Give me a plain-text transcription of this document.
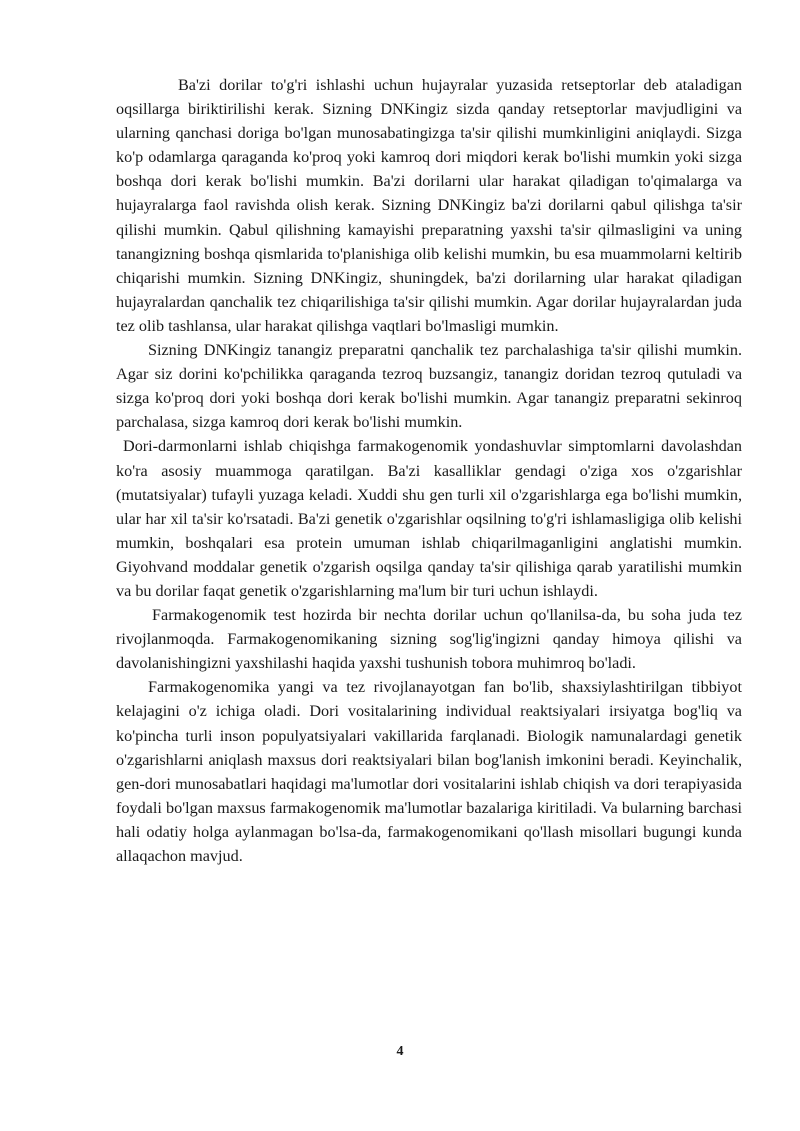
Ba'zi dorilar to'g'ri ishlashi uchun hujayralar yuzasida retseptorlar deb ataladigan oqsillarga biriktirilishi kerak. Sizning DNKingiz sizda qanday retseptorlar mavjudligini va ularning qanchasi doriga bo'lgan munosabatingizga ta'sir qilishi mumkinligini aniqlaydi. Sizga ko'p odamlarga qaraganda ko'proq yoki kamroq dori miqdori kerak bo'lishi mumkin yoki sizga boshqa dori kerak bo'lishi mumkin. Ba'zi dorilarni ular harakat qiladigan to'qimalarga va hujayralarga faol ravishda olish kerak. Sizning DNKingiz ba'zi dorilarni qabul qilishga ta'sir qilishi mumkin. Qabul qilishning kamayishi preparatning yaxshi ta'sir qilmasligini va uning tanangizning boshqa qismlarida to'planishiga olib kelishi mumkin, bu esa muammolarni keltirib chiqarishi mumkin. Sizning DNKingiz, shuningdek, ba'zi dorilarning ular harakat qiladigan hujayralardan qanchalik tez chiqarilishiga ta'sir qilishi mumkin. Agar dorilar hujayralardan juda tez olib tashlansa, ular harakat qilishga vaqtlari bo'lmasligi mumkin.

Sizning DNKingiz tanangiz preparatni qanchalik tez parchalashiga ta'sir qilishi mumkin. Agar siz dorini ko'pchilikka qaraganda tezroq buzsangiz, tanangiz doridan tezroq qutuladi va sizga ko'proq dori yoki boshqa dori kerak bo'lishi mumkin. Agar tanangiz preparatni sekinroq parchalasa, sizga kamroq dori kerak bo'lishi mumkin.

Dori-darmonlarni ishlab chiqishga farmakogenomik yondashuvlar simptomlarni davolashdan ko'ra asosiy muammoga qaratilgan. Ba'zi kasalliklar gendagi o'ziga xos o'zgarishlar (mutatsiyalar) tufayli yuzaga keladi. Xuddi shu gen turli xil o'zgarishlarga ega bo'lishi mumkin, ular har xil ta'sir ko'rsatadi. Ba'zi genetik o'zgarishlar oqsilning to'g'ri ishlamasligiga olib kelishi mumkin, boshqalari esa protein umuman ishlab chiqarilmaganligini anglatishi mumkin. Giyohvand moddalar genetik o'zgarish oqsilga qanday ta'sir qilishiga qarab yaratilishi mumkin va bu dorilar faqat genetik o'zgarishlarning ma'lum bir turi uchun ishlaydi.

Farmakogenomik test hozirda bir nechta dorilar uchun qo'llanilsa-da, bu soha juda tez rivojlanmoqda. Farmakogenomikaning sizning sog'lig'ingizni qanday himoya qilishi va davolanishingizni yaxshilashi haqida yaxshi tushunish tobora muhimroq bo'ladi.

Farmakogenomika yangi va tez rivojlanayotgan fan bo'lib, shaxsiylashtirilgan tibbiyot kelajagini o'z ichiga oladi. Dori vositalarining individual reaktsiyalari irsiyatga bog'liq va ko'pincha turli inson populyatsiyalari vakillarida farqlanadi. Biologik namunalardagi genetik o'zgarishlarni aniqlash maxsus dori reaktsiyalari bilan bog'lanish imkonini beradi. Keyinchalik, gen-dori munosabatlari haqidagi ma'lumotlar dori vositalarini ishlab chiqish va dori terapiyasida foydali bo'lgan maxsus farmakogenomik ma'lumotlar bazalariga kiritiladi. Va bularning barchasi hali odatiy holga aylanmagan bo'lsa-da, farmakogenomikani qo'llash misollari bugungi kunda allaqachon mavjud.

4
